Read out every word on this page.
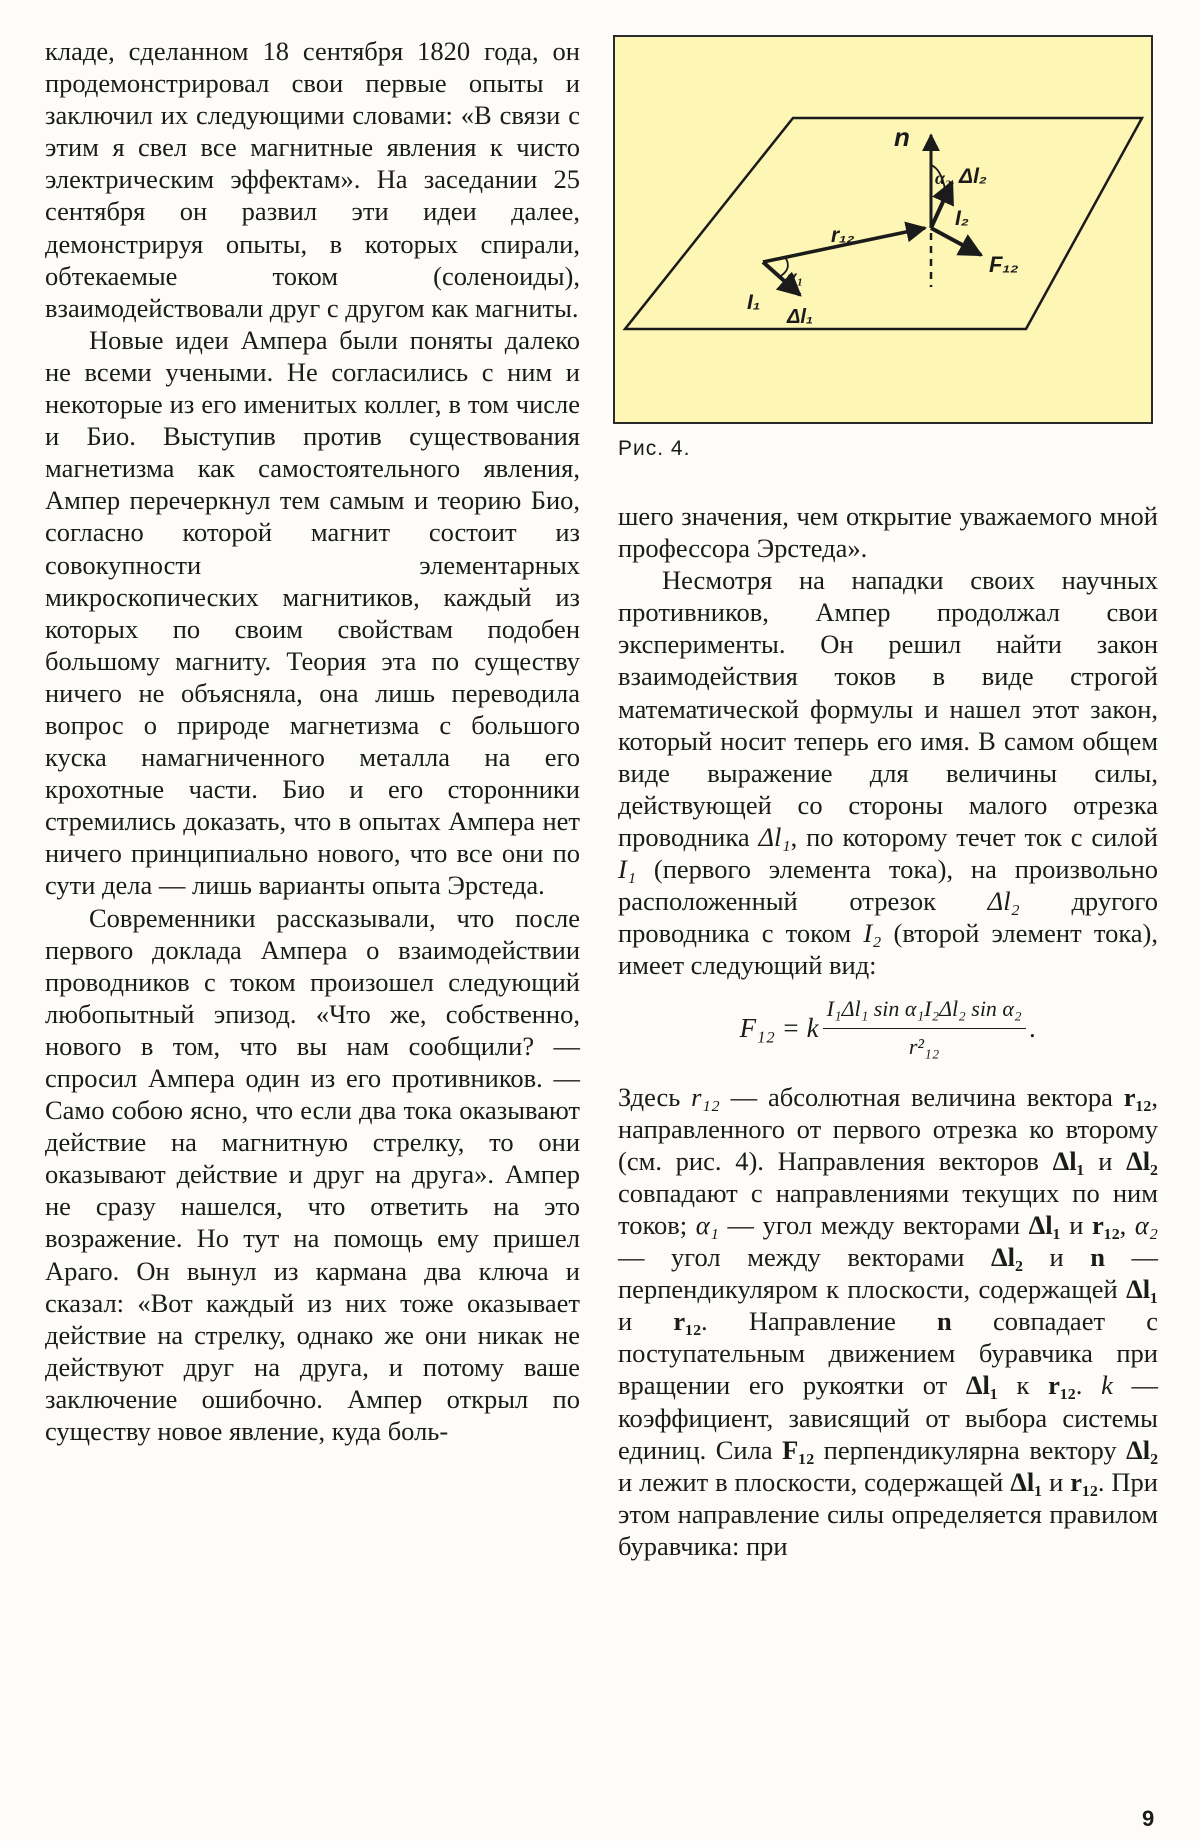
кладе, сделанном 18 сентября 1820 года, он продемонстрировал свои первые опыты и заключил их следующими словами: «В связи с этим я свел все магнитные явления к чисто электрическим эффектам». На заседании 25 сентября он развил эти идеи далее, демонстрируя опыты, в которых спирали, обтекаемые током (соленоиды), взаимодействовали друг с другом как магниты.

Новые идеи Ампера были поняты далеко не всеми учеными. Не согласились с ним и некоторые из его именитых коллег, в том числе и Био. Выступив против существования магнетизма как самостоятельного явления, Ампер перечеркнул тем самым и теорию Био, согласно которой магнит состоит из совокупности элементарных микроскопических магнитиков, каждый из которых по своим свойствам подобен большому магниту. Теория эта по существу ничего не объясняла, она лишь переводила вопрос о природе магнетизма с большого куска намагниченного металла на его крохотные части. Био и его сторонники стремились доказать, что в опытах Ампера нет ничего принципиально нового, что все они по сути дела — лишь варианты опыта Эрстеда.

Современники рассказывали, что после первого доклада Ампера о взаимодействии проводников с током произошел следующий любопытный эпизод. «Что же, собственно, нового в том, что вы нам сообщили? — спросил Ампера один из его противников. — Само собою ясно, что если два тока оказывают действие на магнитную стрелку, то они оказывают действие и друг на друга». Ампер не сразу нашелся, что ответить на это возражение. Но тут на помощь ему пришел Араго. Он вынул из кармана два ключа и сказал: «Вот каждый из них тоже оказывает действие на стрелку, однако же они никак не действуют друг на друга, и потому ваше заключение ошибочно. Ампер открыл по существу новое явление, куда боль-

n
α₂ Δl₂
I₂
r₁₂
F₁₂
α₁
I₁
Δl₁
Рис. 4.

шего значения, чем открытие уважаемого мной профессора Эрстеда».

Несмотря на нападки своих научных противников, Ампер продолжал свои эксперименты. Он решил найти закон взаимодействия токов в виде строгой математической формулы и нашел этот закон, который носит теперь его имя. В самом общем виде выражение для величины силы, действующей со стороны малого отрезка проводника Δl₁, по которому течет ток с силой I₁ (первого элемента тока), на произвольно расположенный отрезок Δl₂ другого проводника с током I₂ (второй элемент тока), имеет следующий вид:

F₁₂ = k $\frac{\text{I₁Δl₁ sin α₁I₂Δl₂ sin α₂}}{\text{r²₁₂}}$ .

Здесь r₁₂ — абсолютная величина вектора r₁₂, направленного от первого отрезка ко второму (см. рис. 4). Направления векторов Δl₁ и Δl₂ совпадают с направлениями текущих по ним токов; α₁ — угол между векторами Δl₁ и r₁₂, α₂ — угол между векторами Δl₂ и n — перпендикуляром к плоскости, содержащей Δl₁ и r₁₂. Направление n совпадает с поступательным движением буравчика при вращении его рукоятки от Δl₁ к r₁₂. k — коэффициент, зависящий от выбора системы единиц. Сила F₁₂ перпендикулярна вектору Δl₂ и лежит в плоскости, содержащей Δl₁ и r₁₂. При этом направление силы определяется правилом буравчика: при

9
